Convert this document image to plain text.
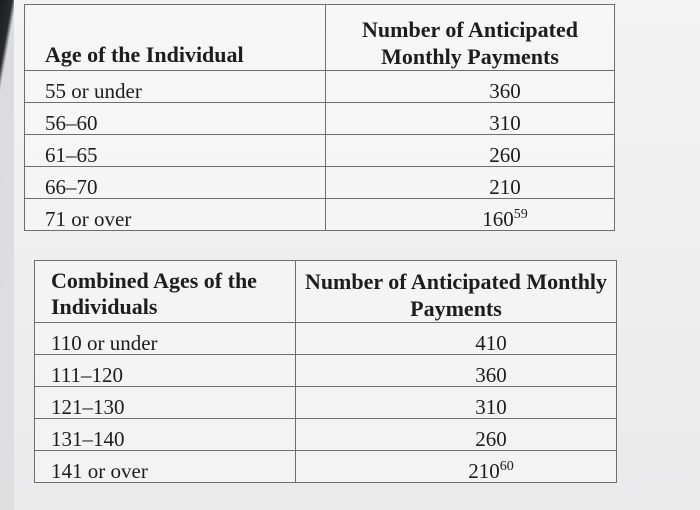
Age of the Individual	Number of Anticipated Monthly Payments
55 or under	360
56–60	310
61–65	260
66–70	210
71 or over	160$^{59}$
Combined Ages of the Individuals	Number of Anticipated Monthly Payments
110 or under	410
111–120	360
121–130	310
131–140	260
141 or over	210$^{60}$
